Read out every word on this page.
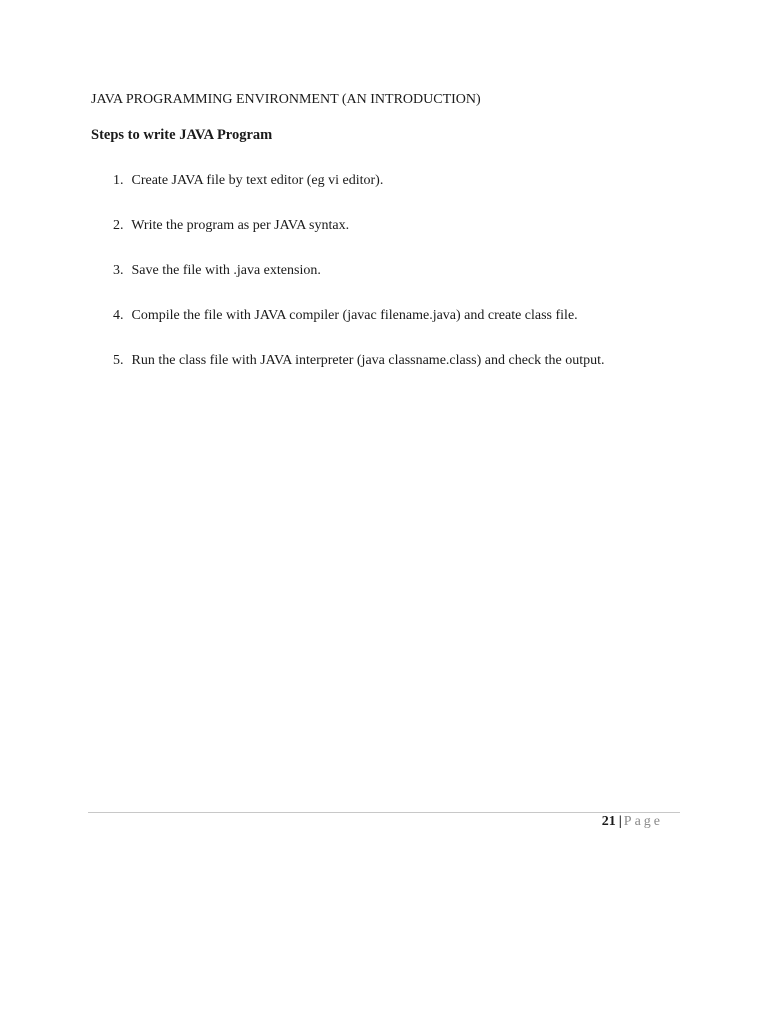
JAVA PROGRAMMING ENVIRONMENT (AN INTRODUCTION)
Steps to write JAVA Program
1. Create JAVA file by text editor (eg vi editor).
2. Write the program as per JAVA syntax.
3. Save the file with .java extension.
4. Compile the file with JAVA compiler (javac filename.java) and create class file.
5. Run the class file with JAVA interpreter (java classname.class) and check the output.
21 | Page
